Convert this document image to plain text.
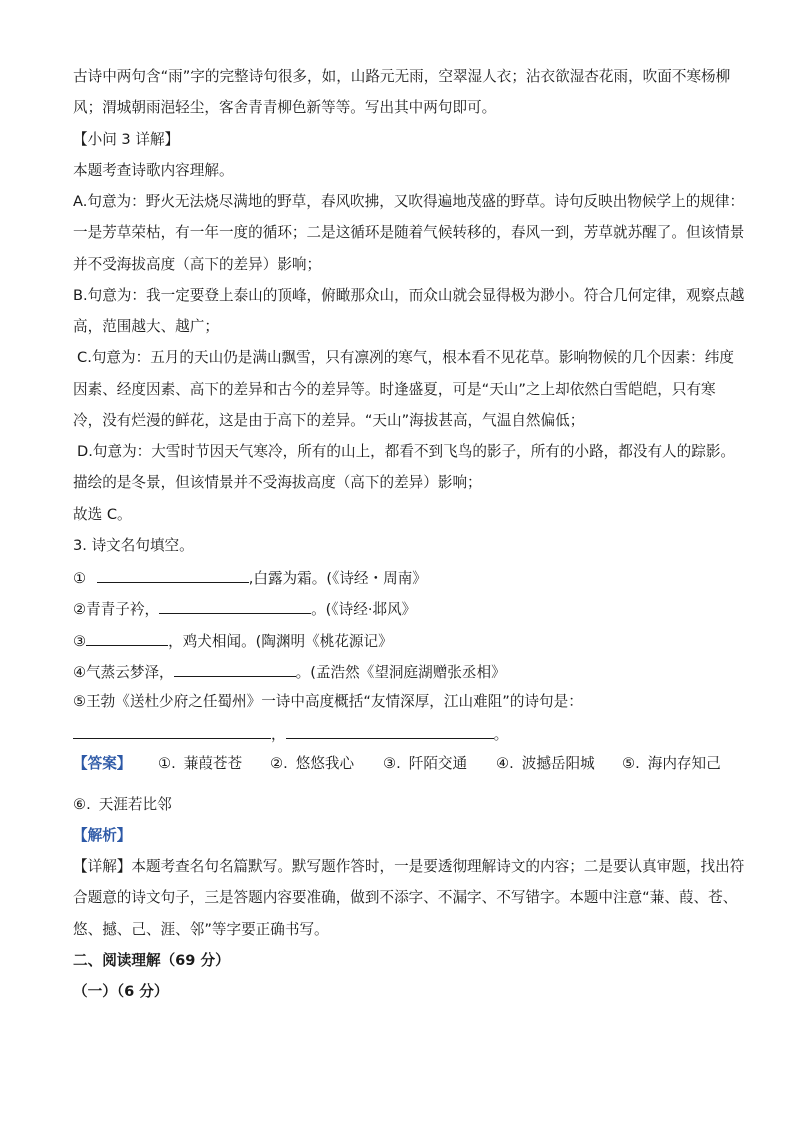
古诗中两句含“雨”字的完整诗句很多，如，山路元无雨，空翠湿人衣；沾衣欲湿杏花雨，吹面不寒杨柳
风；渭城朝雨浥轻尘，客舍青青柳色新等等。写出其中两句即可。
【小问 3 详解】
本题考查诗歌内容理解。
A.句意为：野火无法烧尽满地的野草，春风吹拂，又吹得遍地茂盛的野草。诗句反映出物候学上的规律：
一是芳草荣枯，有一年一度的循环；二是这循环是随着气候转移的，春风一到，芳草就苏醒了。但该情景
并不受海拔高度（高下的差异）影响；
B.句意为：我一定要登上泰山的顶峰，俯瞰那众山，而众山就会显得极为渺小。符合几何定律，观察点越
高，范围越大、越广；
C.句意为：五月的天山仍是满山飘雪，只有凛冽的寒气，根本看不见花草。影响物候的几个因素：纬度
因素、经度因素、高下的差异和古今的差异等。时逢盛夏，可是“天山”之上却依然白雪皑皑，只有寒
冷，没有烂漫的鲜花，这是由于高下的差异。“天山”海拔甚高，气温自然偏低；
D.句意为：大雪时节因天气寒冷，所有的山上，都看不到飞鸟的影子，所有的小路，都没有人的踪影。
描绘的是冬景，但该情景并不受海拔高度（高下的差异）影响；
故选 C。
3. 诗文名句填空。
①	,白露为霜。(《诗经・周南》
②青青子衿，	。(《诗经·邶风》
③	，鸡犬相闻。(陶渊明《桃花源记》
④气蒸云梦泽，	。(孟浩然《望洞庭湖赠张丞相》
⑤王勃《送杜少府之任蜀州》一诗中高度概括“友情深厚，江山难阻”的诗句是：
，	。
【答案】 ①. 蒹葭苍苍 ②. 悠悠我心 ③. 阡陌交通 ④. 波撼岳阳城 ⑤. 海内存知己
⑥. 天涯若比邻
【解析】
【详解】本题考查名句名篇默写。默写题作答时，一是要透彻理解诗文的内容；二是要认真审题，找出符
合题意的诗文句子，三是答题内容要准确，做到不添字、不漏字、不写错字。本题中注意“蒹、葭、苍、
悠、撼、己、涯、邻”等字要正确书写。
二、阅读理解（69 分）
（一）（6 分）
